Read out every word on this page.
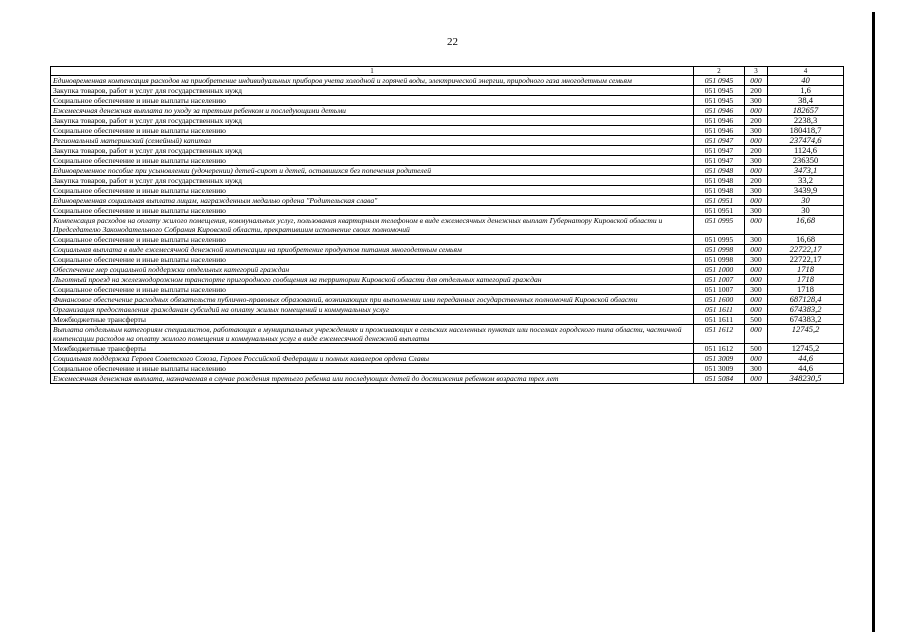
22
1	2	3	4
Единовременная компенсация расходов на приобретение индивидуальных приборов учета холодной и горячей воды, электрической энергии, природного газа многодетным семьям	051 0945	000	40
Закупка товаров, работ и услуг для государственных нужд	051 0945	200	1,6
Социальное обеспечение и иные выплаты населению	051 0945	300	38,4
Ежемесячная денежная выплата по уходу за третьим ребенком и последующими детьми	051 0946	000	182657
Закупка товаров, работ и услуг для государственных нужд	051 0946	200	2238,3
Социальное обеспечение и иные выплаты населению	051 0946	300	180418,7
Региональный материнский (семейный) капитал	051 0947	000	237474,6
Закупка товаров, работ и услуг для государственных нужд	051 0947	200	1124,6
Социальное обеспечение и иные выплаты населению	051 0947	300	236350
Единовременное пособие при усыновлении (удочерении) детей-сирот и детей, оставшихся без попечения родителей	051 0948	000	3473,1
Закупка товаров, работ и услуг для государственных нужд	051 0948	200	33,2
Социальное обеспечение и иные выплаты населению	051 0948	300	3439,9
Единовременная социальная выплата лицам, награжденным медалью ордена "Родительская слава"	051 0951	000	30
Социальное обеспечение и иные выплаты населению	051 0951	300	30
Компенсация расходов на оплату жилого помещения, коммунальных услуг, пользования квартирным телефоном в виде ежемесячных денежных выплат Губернатору Кировской области и Председателю Законодательного Собрания Кировской области, прекратившим исполнение своих полномочий	051 0995	000	16,68
Социальное обеспечение и иные выплаты населению	051 0995	300	16,68
Социальная выплата в виде ежемесячной денежной компенсации на приобретение продуктов питания многодетным семьям	051 0998	000	22722,17
Социальное обеспечение и иные выплаты населению	051 0998	300	22722,17
Обеспечение мер социальной поддержки отдельных категорий граждан	051 1000	000	1718
Льготный проезд на железнодорожном транспорте пригородного сообщения на территории Кировской области для отдельных категорий граждан	051 1007	000	1718
Социальное обеспечение и иные выплаты населению	051 1007	300	1718
Финансовое обеспечение расходных обязательств публично-правовых образований, возникающих при выполнении ими переданных государственных полномочий Кировской области	051 1600	000	687128,4
Организация предоставления гражданам субсидий на оплату жилых помещений и коммунальных услуг	051 1611	000	674383,2
Межбюджетные трансферты	051 1611	500	674383,2
Выплата отдельным категориям специалистов, работающих в муниципальных учреждениях и проживающих в сельских населенных пунктах или поселках городского типа области, частичной компенсации расходов на оплату жилого помещения и коммунальных услуг в виде ежемесячной денежной выплаты	051 1612	000	12745,2
Межбюджетные трансферты	051 1612	500	12745,2
Социальная поддержка Героев Советского Союза, Героев Российской Федерации и полных кавалеров ордена Славы	051 3009	000	44,6
Социальное обеспечение и иные выплаты населению	051 3009	300	44,6
Ежемесячная денежная выплата, назначаемая в случае рождения третьего ребенка или последующих детей до достижения ребенком возраста трех лет	051 5084	000	348230,5
